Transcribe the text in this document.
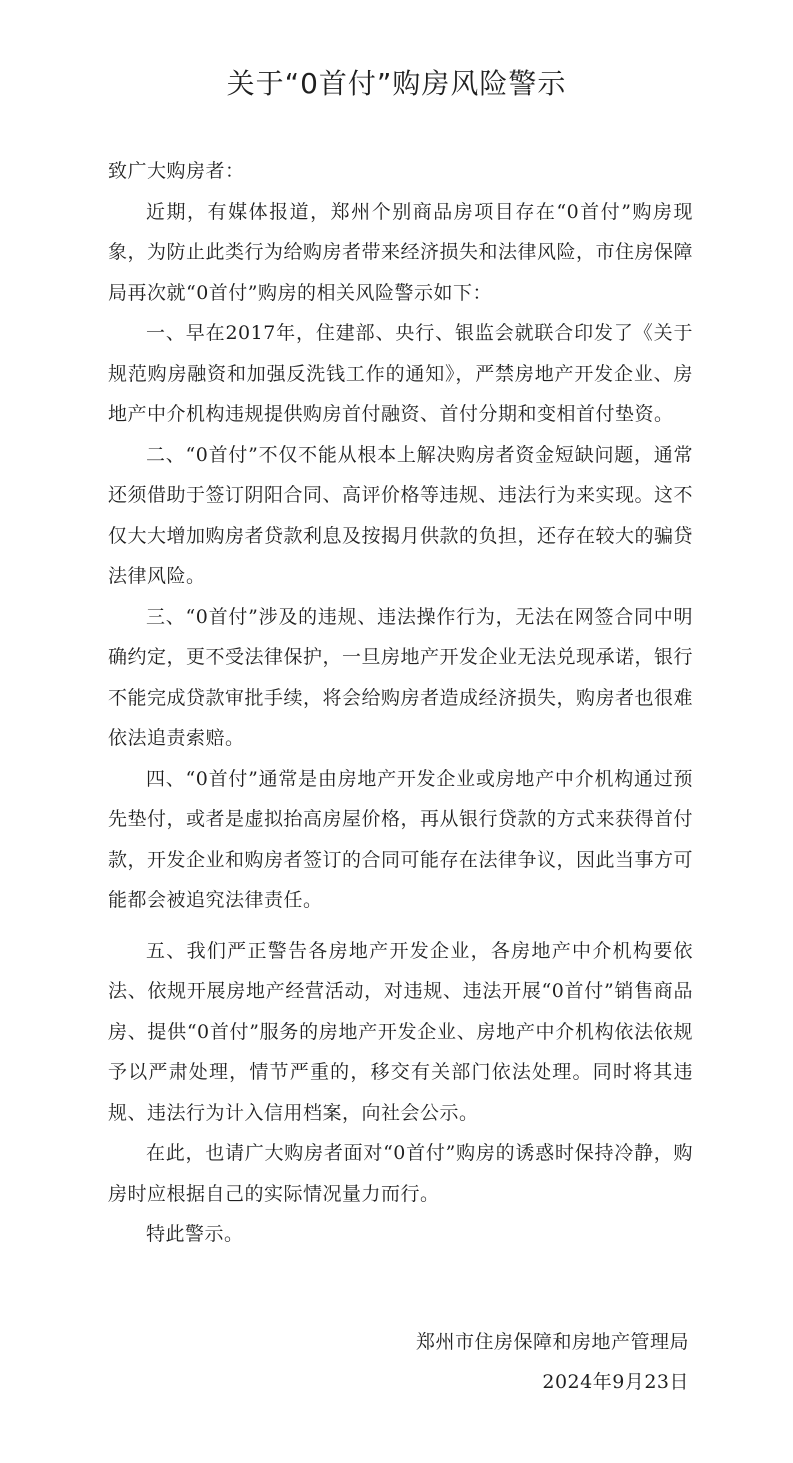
关于“0首付”购房风险警示

致广大购房者：

近期，有媒体报道，郑州个别商品房项目存在“0首付”购房现象，为防止此类行为给购房者带来经济损失和法律风险，市住房保障局再次就“0首付”购房的相关风险警示如下：

一、早在2017年，住建部、央行、银监会就联合印发了《关于规范购房融资和加强反洗钱工作的通知》，严禁房地产开发企业、房地产中介机构违规提供购房首付融资、首付分期和变相首付垫资。

二、“0首付”不仅不能从根本上解决购房者资金短缺问题，通常还须借助于签订阴阳合同、高评价格等违规、违法行为来实现。这不仅大大增加购房者贷款利息及按揭月供款的负担，还存在较大的骗贷法律风险。

三、“0首付”涉及的违规、违法操作行为，无法在网签合同中明确约定，更不受法律保护，一旦房地产开发企业无法兑现承诺，银行不能完成贷款审批手续，将会给购房者造成经济损失，购房者也很难依法追责索赔。

四、“0首付”通常是由房地产开发企业或房地产中介机构通过预先垫付，或者是虚拟抬高房屋价格，再从银行贷款的方式来获得首付款，开发企业和购房者签订的合同可能存在法律争议，因此当事方可能都会被追究法律责任。

五、我们严正警告各房地产开发企业，各房地产中介机构要依法、依规开展房地产经营活动，对违规、违法开展“0首付”销售商品房、提供“0首付”服务的房地产开发企业、房地产中介机构依法依规予以严肃处理，情节严重的，移交有关部门依法处理。同时将其违规、违法行为计入信用档案，向社会公示。

在此，也请广大购房者面对“0首付”购房的诱惑时保持冷静，购房时应根据自己的实际情况量力而行。

特此警示。

郑州市住房保障和房地产管理局

2024年9月23日
